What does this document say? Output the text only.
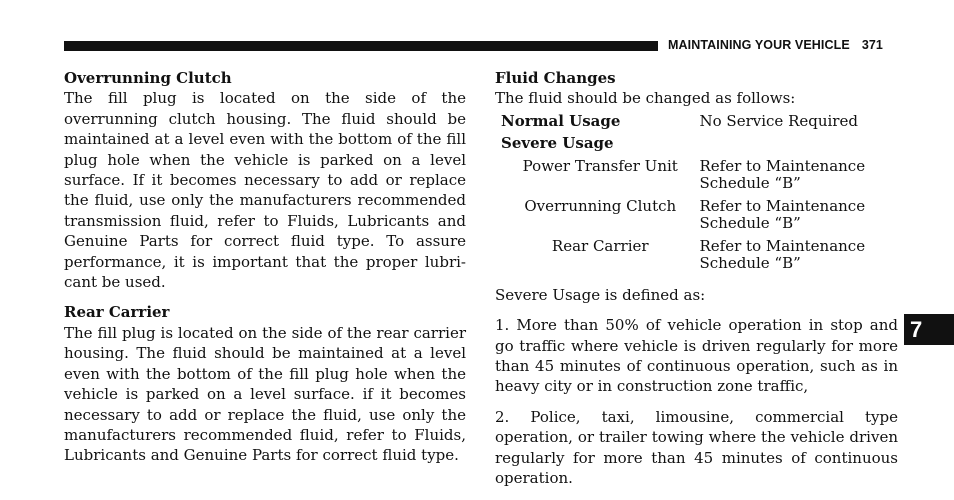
MAINTAINING YOUR VEHICLE 371

Overrunning Clutch

The fill plug is located on the side of the overrunning clutch housing. The fluid should be maintained at a level even with the bottom of the fill plug hole when the vehicle is parked on a level surface. If it becomes necessary to add or replace the fluid, use only the manufacturers recommended transmission fluid, refer to Fluids, Lubricants and Genuine Parts for correct fluid type. To assure performance, it is important that the proper lubricant be used.

Rear Carrier

The fill plug is located on the side of the rear carrier housing. The fluid should be maintained at a level even with the bottom of the fill plug hole when the vehicle is parked on a level surface. if it becomes necessary to add or replace the fluid, use only the manufacturers recommended fluid, refer to Fluids, Lubricants and Genuine Parts for correct fluid type.

Fluid Changes

The fluid should be changed as follows:

Normal Usage	No Service Required
Severe Usage
Power Transfer Unit	Refer to Maintenance
Schedule “B”
Overrunning Clutch	Refer to Maintenance
Schedule “B”
Rear Carrier	Refer to Maintenance
Schedule “B”

Severe Usage is defined as:

1. More than 50% of vehicle operation in stop and go traffic where vehicle is driven regularly for more than 45 minutes of continuous operation, such as in heavy city or in construction zone traffic,

2. Police, taxi, limousine, commercial type operation, or trailer towing where the vehicle driven regularly for more than 45 minutes of continuous operation.

7
